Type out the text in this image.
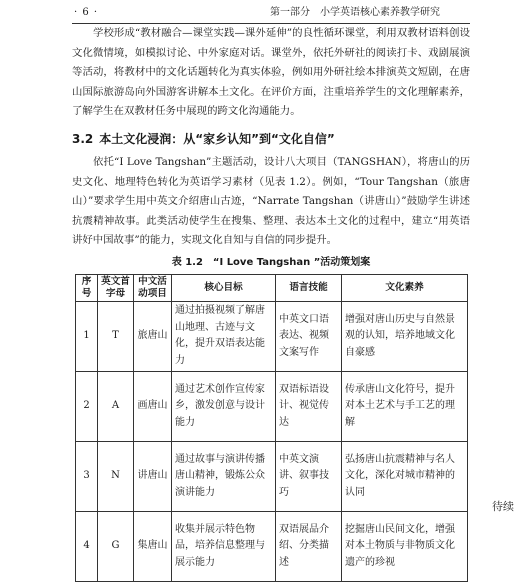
· 6 ·	第一部分　小学英语核心素养教学研究

学校形成“教材融合—课堂实践—课外延伸”的良性循环课堂，利用双教材语料创设文化微情境，如模拟讨论、中外家庭对话。课堂外，依托外研社的阅读打卡、戏剧展演等活动，将教材中的文化话题转化为真实体验，例如用外研社绘本排演英文短剧，在唐山国际旅游岛向外国游客讲解本土文化。在评价方面，注重培养学生的文化理解素养，了解学生在双教材任务中展现的跨文化沟通能力。

3.2 本土文化浸润：从“家乡认知”到“文化自信”

依托“I Love Tangshan”主题活动，设计八大项目（TANGSHAN），将唐山的历史文化、地理特色转化为英语学习素材（见表 1.2）。例如，“Tour Tangshan（旅唐山）”要求学生用中英文介绍唐山古迹，“Narrate Tangshan（讲唐山）”鼓励学生讲述抗震精神故事。此类活动使学生在搜集、整理、表达本土文化的过程中，建立“用英语讲好中国故事”的能力，实现文化自知与自信的同步提升。

表 1.2　“I Love Tangshan ”活动策划案
序号	英文首字母	中文活动项目	核心目标	语言技能	文化素养
1	T	旅唐山	通过拍摄视频了解唐山地理、古迹与文化，提升双语表达能力	中英文口语表达、视频文案写作	增强对唐山历史与自然景观的认知，培养地域文化自豪感
2	A	画唐山	通过艺术创作宣传家乡，激发创意与设计能力	双语标语设计、视觉传达	传承唐山文化符号，提升对本土艺术与手工艺的理解
3	N	讲唐山	通过故事与演讲传播唐山精神，锻炼公众演讲能力	中英文演讲、叙事技巧	弘扬唐山抗震精神与名人文化，深化对城市精神的认同
4	G	集唐山	收集并展示特色物品，培养信息整理与展示能力	双语展品介绍、分类描述	挖掘唐山民间文化，增强对本土物质与非物质文化遗产的珍视
待续
